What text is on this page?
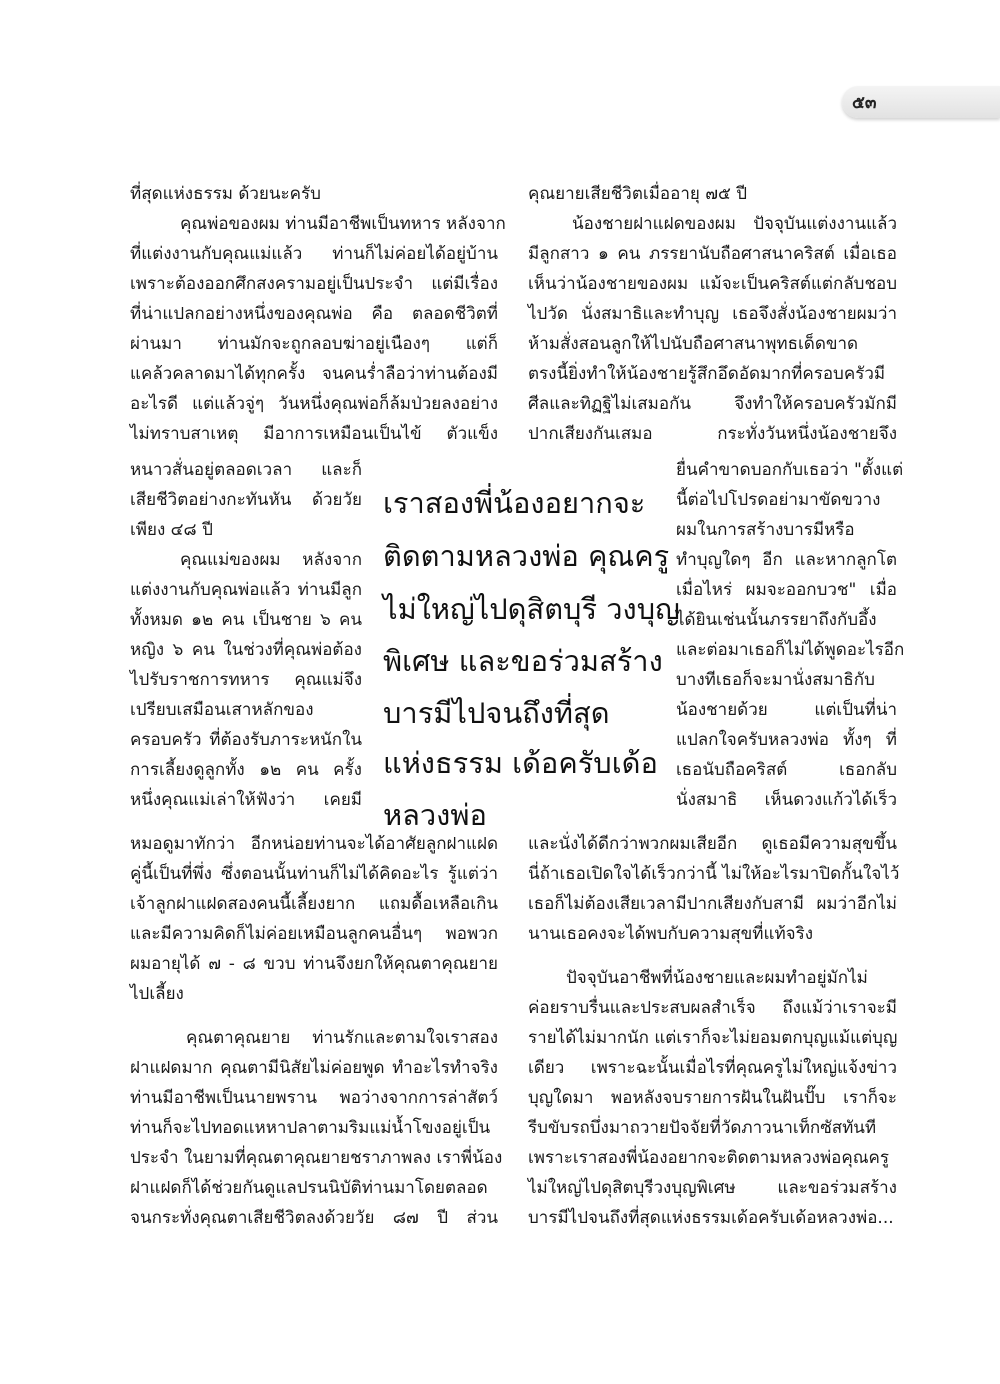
๕๓
ที่สุดแห่งธรรม ด้วยนะครับ
คุณพ่อของผม ท่านมีอาชีพเป็นทหาร หลังจาก
ที่แต่งงานกับคุณแม่แล้ว ท่านก็ไม่ค่อยได้อยู่บ้าน
เพราะต้องออกศึกสงครามอยู่เป็นประจำ แต่มีเรื่อง
ที่น่าแปลกอย่างหนึ่งของคุณพ่อ คือ ตลอดชีวิตที่
ผ่านมา ท่านมักจะถูกลอบฆ่าอยู่เนืองๆ แต่ก็
แคล้วคลาดมาได้ทุกครั้ง จนคนร่ำลือว่าท่านต้องมี
อะไรดี แต่แล้วจู่ๆ วันหนึ่งคุณพ่อก็ล้มป่วยลงอย่าง
ไม่ทราบสาเหตุ มีอาการเหมือนเป็นไข้ ตัวแข็ง
หนาวสั่นอยู่ตลอดเวลา และก็
เสียชีวิตอย่างกะทันหัน ด้วยวัย
เพียง ๔๘ ปี
คุณแม่ของผม หลังจาก
แต่งงานกับคุณพ่อแล้ว ท่านมีลูก
ทั้งหมด ๑๒ คน เป็นชาย ๖ คน
หญิง ๖ คน ในช่วงที่คุณพ่อต้อง
ไปรับราชการทหาร คุณแม่จึง
เปรียบเสมือนเสาหลักของ
ครอบครัว ที่ต้องรับภาระหนักใน
การเลี้ยงดูลูกทั้ง ๑๒ คน ครั้ง
หนึ่งคุณแม่เล่าให้ฟังว่า เคยมี
หมอดูมาทักว่า อีกหน่อยท่านจะได้อาศัยลูกฝาแฝด
คู่นี้เป็นที่พึ่ง ซึ่งตอนนั้นท่านก็ไม่ได้คิดอะไร รู้แต่ว่า
เจ้าลูกฝาแฝดสองคนนี้เลี้ยงยาก แถมดื้อเหลือเกิน
และมีความคิดก็ไม่ค่อยเหมือนลูกคนอื่นๆ พอพวก
ผมอายุได้ ๗ - ๘ ขวบ ท่านจึงยกให้คุณตาคุณยาย
ไปเลี้ยง
คุณตาคุณยาย ท่านรักและตามใจเราสอง
ฝาแฝดมาก คุณตามีนิสัยไม่ค่อยพูด ทำอะไรทำจริง
ท่านมีอาชีพเป็นนายพราน พอว่างจากการล่าสัตว์
ท่านก็จะไปทอดแหหาปลาตามริมแม่น้ำโขงอยู่เป็น
ประจำ ในยามที่คุณตาคุณยายชราภาพลง เราพี่น้อง
ฝาแฝดก็ได้ช่วยกันดูแลปรนนิบัติท่านมาโดยตลอด
จนกระทั่งคุณตาเสียชีวิตลงด้วยวัย ๘๗ ปี ส่วน
คุณยายเสียชีวิตเมื่ออายุ ๗๕ ปี
น้องชายฝาแฝดของผม ปัจจุบันแต่งงานแล้ว
มีลูกสาว ๑ คน ภรรยานับถือศาสนาคริสต์ เมื่อเธอ
เห็นว่าน้องชายของผม แม้จะเป็นคริสต์แต่กลับชอบ
ไปวัด นั่งสมาธิและทำบุญ เธอจึงสั่งน้องชายผมว่า
ห้ามสั่งสอนลูกให้ไปนับถือศาสนาพุทธเด็ดขาด
ตรงนี้ยิ่งทำให้น้องชายรู้สึกอึดอัดมากที่ครอบครัวมี
ศีลและทิฏฐิไม่เสมอกัน จึงทำให้ครอบครัวมักมี
ปากเสียงกันเสมอ กระทั่งวันหนึ่งน้องชายจึง
ยื่นคำขาดบอกกับเธอว่า "ตั้งแต่
นี้ต่อไปโปรดอย่ามาขัดขวาง
ผมในการสร้างบารมีหรือ
ทำบุญใดๆ อีก และหากลูกโต
เมื่อไหร่ ผมจะออกบวช" เมื่อ
ได้ยินเช่นนั้นภรรยาถึงกับอึ้ง
และต่อมาเธอก็ไม่ได้พูดอะไรอีก
บางทีเธอก็จะมานั่งสมาธิกับ
น้องชายด้วย แต่เป็นที่น่า
แปลกใจครับหลวงพ่อ ทั้งๆ ที่
เธอนับถือคริสต์ เธอกลับ
นั่งสมาธิ เห็นดวงแก้วได้เร็ว
และนั่งได้ดีกว่าพวกผมเสียอีก ดูเธอมีความสุขขึ้น
นี่ถ้าเธอเปิดใจได้เร็วกว่านี้ ไม่ให้อะไรมาปิดกั้นใจไว้
เธอก็ไม่ต้องเสียเวลามีปากเสียงกับสามี ผมว่าอีกไม่
นานเธอคงจะได้พบกับความสุขที่แท้จริง
ปัจจุบันอาชีพที่น้องชายและผมทำอยู่มักไม่
ค่อยราบรื่นและประสบผลสำเร็จ ถึงแม้ว่าเราจะมี
รายได้ไม่มากนัก แต่เราก็จะไม่ยอมตกบุญแม้แต่บุญ
เดียว เพราะฉะนั้นเมื่อไรที่คุณครูไม่ใหญ่แจ้งข่าว
บุญใดมา พอหลังจบรายการฝันในฝันปั๊บ เราก็จะ
รีบขับรถบึ่งมาถวายปัจจัยที่วัดภาวนาเท็กซัสทันที
เพราะเราสองพี่น้องอยากจะติดตามหลวงพ่อคุณครู
ไม่ใหญ่ไปดุสิตบุรีวงบุญพิเศษ และขอร่วมสร้าง
บารมีไปจนถึงที่สุดแห่งธรรมเด้อครับเด้อหลวงพ่อ...
เราสองพี่น้องอยากจะ
ติดตามหลวงพ่อ คุณครู
ไม่ใหญ่ไปดุสิตบุรี วงบุญ
พิเศษ และขอร่วมสร้าง
บารมีไปจนถึงที่สุด
แห่งธรรม เด้อครับเด้อ
หลวงพ่อ
